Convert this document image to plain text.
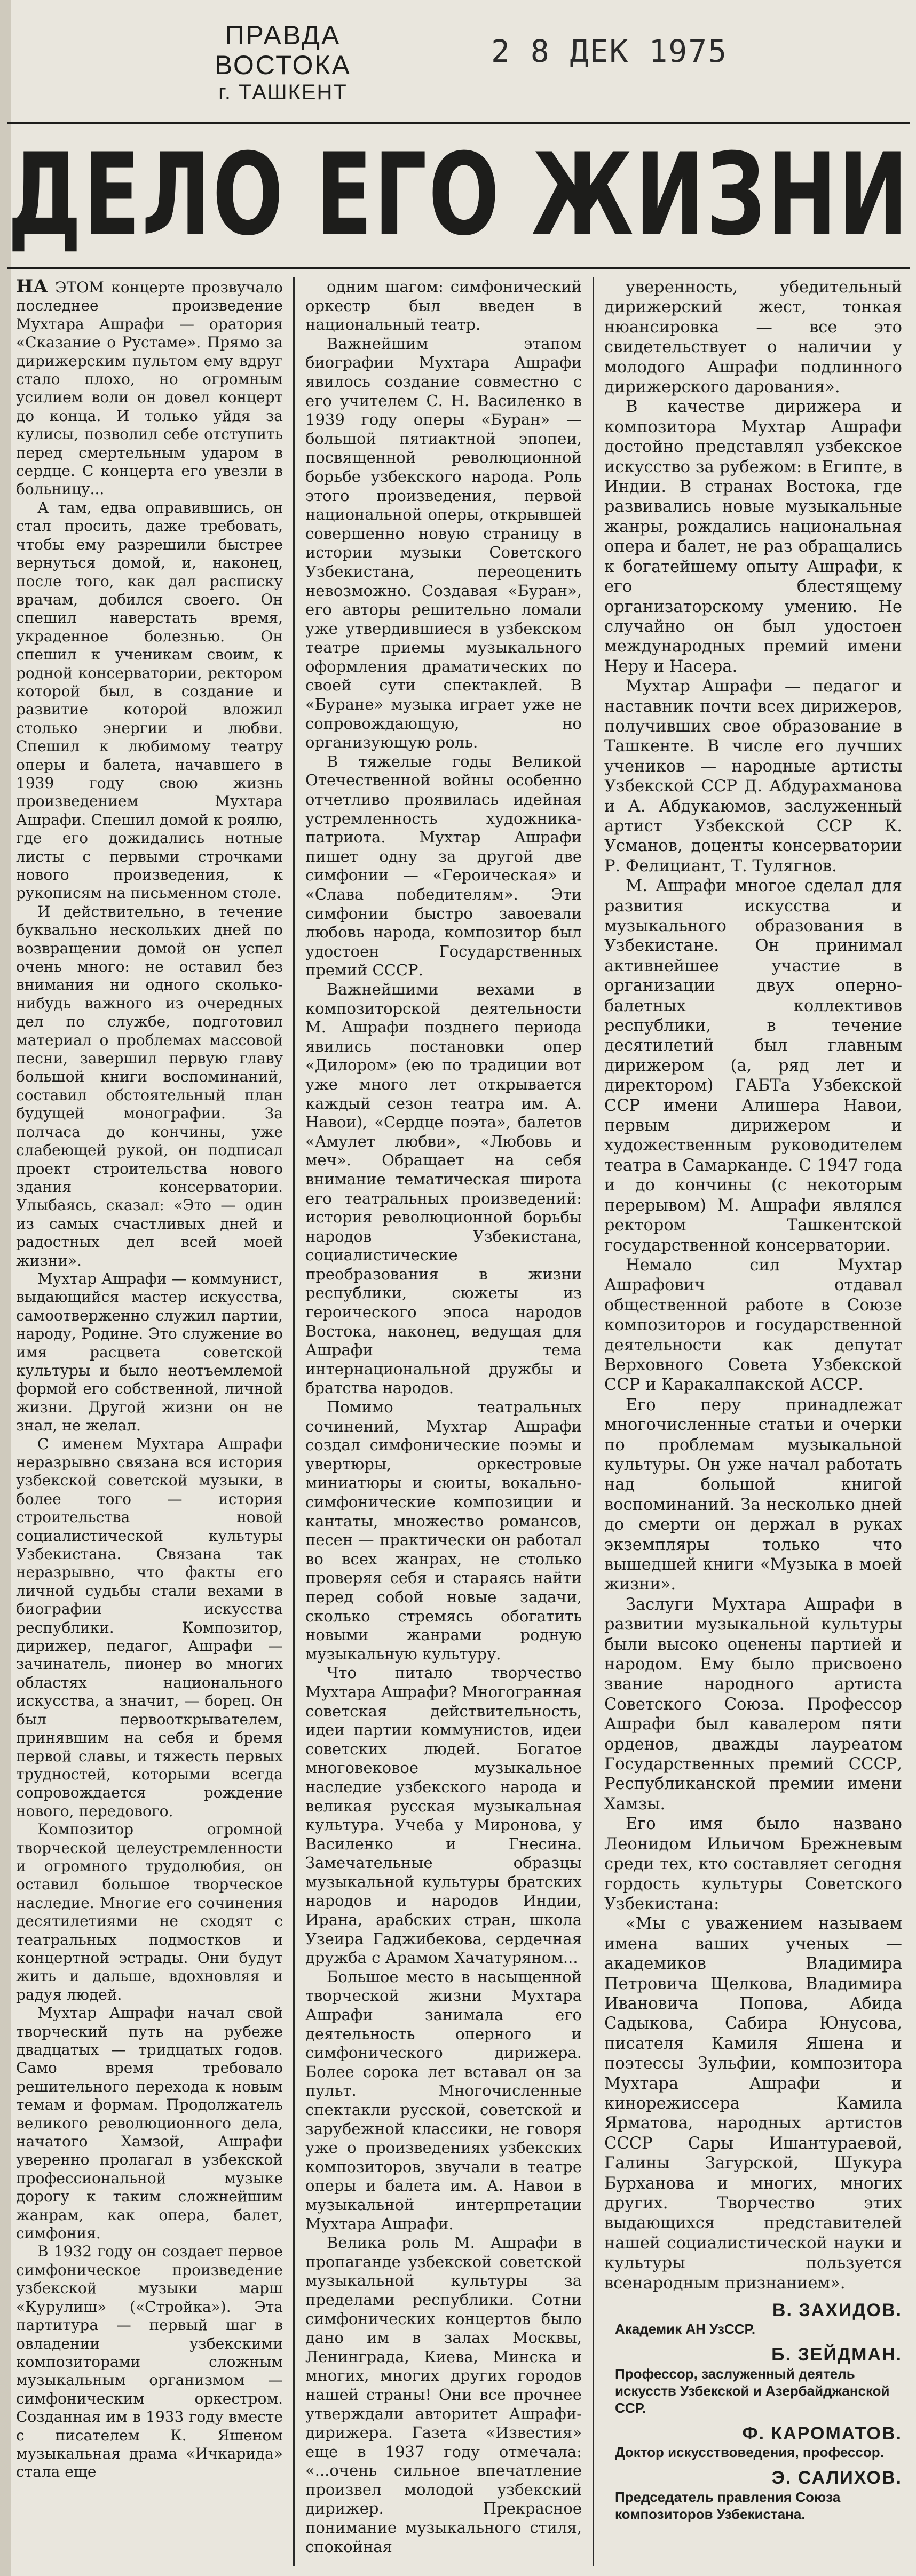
ПРАВДА ВОСТОКА
г. ТАШКЕНТ
2 8 ДЕК 1975
ДЕЛО ЕГО ЖИЗНИ

НА ЭТОМ концерте прозвучало последнее произведение Мухтара Ашрафи — оратория «Сказание о Рустаме». Прямо за дирижерским пультом ему вдруг стало плохо, но огромным усилием воли он довел концерт до конца. И только уйдя за кулисы, позволил себе отступить перед смертельным ударом в сердце. С концерта его увезли в больницу...

А там, едва оправившись, он стал просить, даже требовать, чтобы ему разрешили быстрее вернуться домой, и, наконец, после того, как дал расписку врачам, добился своего. Он спешил наверстать время, украденное болезнью. Он спешил к ученикам своим, к родной консерватории, ректором которой был, в создание и развитие которой вложил столько энергии и любви. Спешил к любимому театру оперы и балета, начавшего в 1939 году свою жизнь произведением Мухтара Ашрафи. Спешил домой к роялю, где его дожидались нотные листы с первыми строчками нового произведения, к рукописям на письменном столе.

И действительно, в течение буквально нескольких дней по возвращении домой он успел очень много: не оставил без внимания ни одного сколько-нибудь важного из очередных дел по службе, подготовил материал о проблемах массовой песни, завершил первую главу большой книги воспоминаний, составил обстоятельный план будущей монографии. За полчаса до кончины, уже слабеющей рукой, он подписал проект строительства нового здания консерватории. Улыбаясь, сказал: «Это — один из самых счастливых дней и радостных дел всей моей жизни».

Мухтар Ашрафи — коммунист, выдающийся мастер искусства, самоотверженно служил партии, народу, Родине. Это служение во имя расцвета советской культуры и было неотъемлемой формой его собственной, личной жизни. Другой жизни он не знал, не желал.

С именем Мухтара Ашрафи неразрывно связана вся история узбекской советской музыки, в более того — история строительства новой социалистической культуры Узбекистана. Связана так неразрывно, что факты его личной судьбы стали вехами в биографии искусства республики. Композитор, дирижер, педагог, Ашрафи — зачинатель, пионер во многих областях национального искусства, а значит, — борец. Он был первооткрывателем, принявшим на себя и бремя первой славы, и тяжесть первых трудностей, которыми всегда сопровождается рождение нового, передового.

Композитор огромной творческой целеустремленности и огромного трудолюбия, он оставил большое творческое наследие. Многие его сочинения десятилетиями не сходят с театральных подмостков и концертной эстрады. Они будут жить и дальше, вдохновляя и радуя людей.

Мухтар Ашрафи начал свой творческий путь на рубеже двадцатых — тридцатых годов. Само время требовало решительного перехода к новым темам и формам. Продолжатель великого революционного дела, начатого Хамзой, Ашрафи уверенно пролагал в узбекской профессиональной музыке дорогу к таким сложнейшим жанрам, как опера, балет, симфония.

В 1932 году он создает первое симфоническое произведение узбекской музыки марш «Курулиш» («Стройка»). Эта партитура — первый шаг в овладении узбекскими композиторами сложным музыкальным организмом — симфоническим оркестром. Созданная им в 1933 году вместе с писателем К. Яшеном музыкальная драма «Ичкарида» стала еще

одним шагом: симфонический оркестр был введен в национальный театр.

Важнейшим этапом биографии Мухтара Ашрафи явилось создание совместно с его учителем С. Н. Василенко в 1939 году оперы «Буран» — большой пятиактной эпопеи, посвященной революционной борьбе узбекского народа. Роль этого произведения, первой национальной оперы, открывшей совершенно новую страницу в истории музыки Советского Узбекистана, переоценить невозможно. Создавая «Буран», его авторы решительно ломали уже утвердившиеся в узбекском театре приемы музыкального оформления драматических по своей сути спектаклей. В «Буране» музыка играет уже не сопровождающую, но организующую роль.

В тяжелые годы Великой Отечественной войны особенно отчетливо проявилась идейная устремленность художника-патриота. Мухтар Ашрафи пишет одну за другой две симфонии — «Героическая» и «Слава победителям». Эти симфонии быстро завоевали любовь народа, композитор был удостоен Государственных премий СССР.

Важнейшими вехами в композиторской деятельности М. Ашрафи позднего периода явились постановки опер «Дилором» (ею по традиции вот уже много лет открывается каждый сезон театра им. А. Навои), «Сердце поэта», балетов «Амулет любви», «Любовь и меч». Обращает на себя внимание тематическая широта его театральных произведений: история революционной борьбы народов Узбекистана, социалистические преобразования в жизни республики, сюжеты из героического эпоса народов Востока, наконец, ведущая для Ашрафи тема интернациональной дружбы и братства народов.

Помимо театральных сочинений, Мухтар Ашрафи создал симфонические поэмы и увертюры, оркестровые миниатюры и сюиты, вокально-симфонические композиции и кантаты, множество романсов, песен — практически он работал во всех жанрах, не столько проверяя себя и стараясь найти перед собой новые задачи, сколько стремясь обогатить новыми жанрами родную музыкальную культуру.

Что питало творчество Мухтара Ашрафи? Многогранная советская действительность, идеи партии коммунистов, идеи советских людей. Богатое многовековое музыкальное наследие узбекского народа и великая русская музыкальная культура. Учеба у Миронова, у Василенко и Гнесина. Замечательные образцы музыкальной культуры братских народов и народов Индии, Ирана, арабских стран, школа Узеира Гаджибекова, сердечная дружба с Арамом Хачатуряном...

Большое место в насыщенной творческой жизни Мухтара Ашрафи занимала его деятельность оперного и симфонического дирижера. Более сорока лет вставал он за пульт. Многочисленные спектакли русской, советской и зарубежной классики, не говоря уже о произведениях узбекских композиторов, звучали в театре оперы и балета им. А. Навои в музыкальной интерпретации Мухтара Ашрафи.

Велика роль М. Ашрафи в пропаганде узбекской советской музыкальной культуры за пределами республики. Сотни симфонических концертов было дано им в залах Москвы, Ленинграда, Киева, Минска и многих, многих других городов нашей страны! Они все прочнее утверждали авторитет Ашрафи-дирижера. Газета «Известия» еще в 1937 году отмечала: «...очень сильное впечатление произвел молодой узбекский дирижер. Прекрасное понимание музыкального стиля, спокойная

уверенность, убедительный дирижерский жест, тонкая нюансировка — все это свидетельствует о наличии у молодого Ашрафи подлинного дирижерского дарования».

В качестве дирижера и композитора Мухтар Ашрафи достойно представлял узбекское искусство за рубежом: в Египте, в Индии. В странах Востока, где развивались новые музыкальные жанры, рождались национальная опера и балет, не раз обращались к богатейшему опыту Ашрафи, к его блестящему организаторскому умению. Не случайно он был удостоен международных премий имени Неру и Насера.

Мухтар Ашрафи — педагог и наставник почти всех дирижеров, получивших свое образование в Ташкенте. В числе его лучших учеников — народные артисты Узбекской ССР Д. Абдурахманова и А. Абдукаюмов, заслуженный артист Узбекской ССР К. Усманов, доценты консерватории Р. Фелициант, Т. Тулягнов.

М. Ашрафи многое сделал для развития искусства и музыкального образования в Узбекистане. Он принимал активнейшее участие в организации двух оперно-балетных коллективов республики, в течение десятилетий был главным дирижером (а, ряд лет и директором) ГАБТа Узбекской ССР имени Алишера Навои, первым дирижером и художественным руководителем театра в Самарканде. С 1947 года и до кончины (с некоторым перерывом) М. Ашрафи являлся ректором Ташкентской государственной консерватории.

Немало сил Мухтар Ашрафович отдавал общественной работе в Союзе композиторов и государственной деятельности как депутат Верховного Совета Узбекской ССР и Каракалпакской АССР.

Его перу принадлежат многочисленные статьи и очерки по проблемам музыкальной культуры. Он уже начал работать над большой книгой воспоминаний. За несколько дней до смерти он держал в руках экземпляры только что вышедшей книги «Музыка в моей жизни».

Заслуги Мухтара Ашрафи в развитии музыкальной культуры были высоко оценены партией и народом. Ему было присвоено звание народного артиста Советского Союза. Профессор Ашрафи был кавалером пяти орденов, дважды лауреатом Государственных премий СССР, Республиканской премии имени Хамзы.

Его имя было названо Леонидом Ильичом Брежневым среди тех, кто составляет сегодня гордость культуры Советского Узбекистана:

«Мы с уважением называем имена ваших ученых — академиков Владимира Петровича Щелкова, Владимира Ивановича Попова, Абида Садыкова, Сабира Юнусова, писателя Камиля Яшена и поэтессы Зульфии, композитора Мухтара Ашрафи и кинорежиссера Камила Ярматова, народных артистов СССР Сары Ишантураевой, Галины Загурской, Шукура Бурханова и многих, многих других. Творчество этих выдающихся представителей нашей социалистической науки и культуры пользуется всенародным признанием».

В. ЗАХИДОВ.
Академик АН УзССР.
Б. ЗЕЙДМАН.
Профессор, заслуженный деятель искусств Узбекской и Азербайджанской ССР.
Ф. КАРОМАТОВ.
Доктор искусствоведения, профессор.
Э. САЛИХОВ.
Председатель правления Союза композиторов Узбекистана.
